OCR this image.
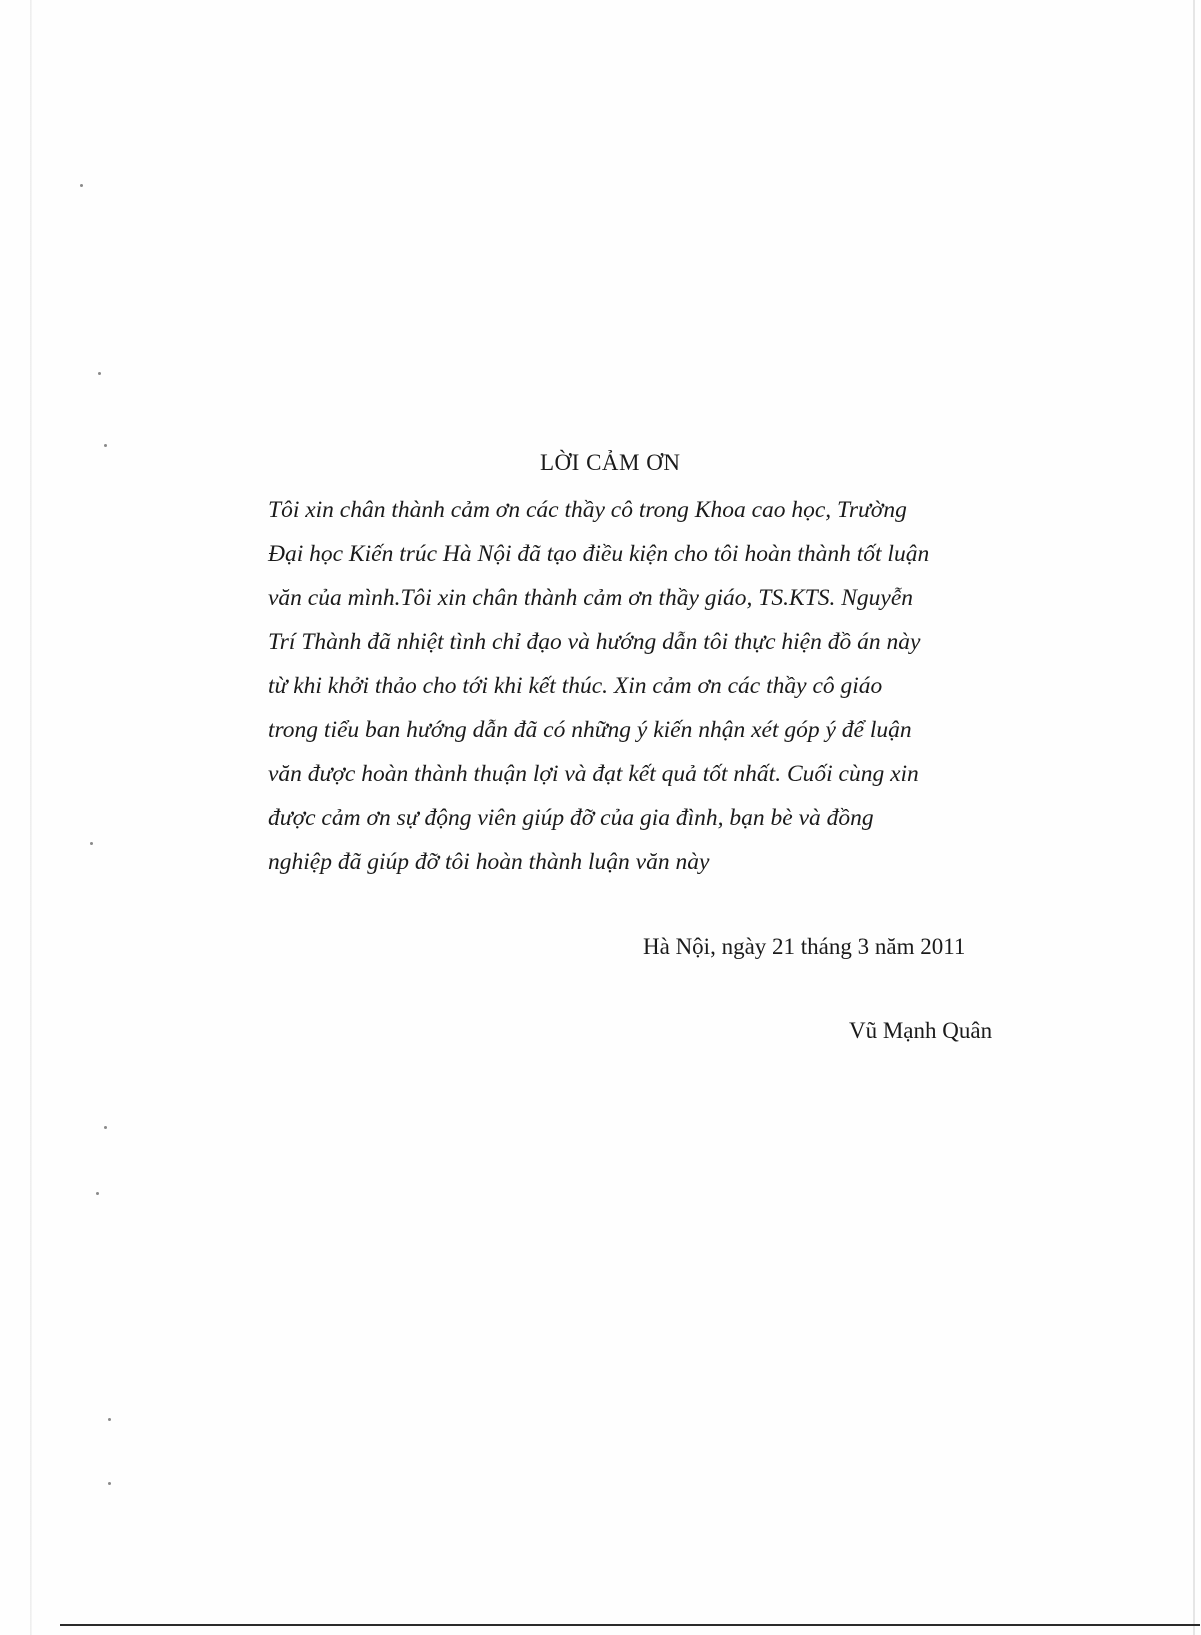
LỜI CẢM ƠN
Tôi xin chân thành cảm ơn các thầy cô trong Khoa cao học, Trường
Đại học Kiến trúc Hà Nội đã tạo điều kiện cho tôi hoàn thành tốt luận
văn của mình.Tôi xin chân thành cảm ơn thầy giáo, TS.KTS. Nguyễn
Trí Thành đã nhiệt tình chỉ đạo và hướng dẫn tôi thực hiện đồ án này
từ khi khởi thảo cho tới khi kết thúc. Xin cảm ơn các thầy cô giáo
trong tiểu ban hướng dẫn đã có những ý kiến nhận xét góp ý để luận
văn được hoàn thành thuận lợi và đạt kết quả tốt nhất. Cuối cùng xin
được cảm ơn sự động viên giúp đỡ của gia đình, bạn bè và đồng
nghiệp đã giúp đỡ tôi hoàn thành luận văn này
Hà Nội, ngày 21 tháng 3 năm 2011
Vũ Mạnh Quân
